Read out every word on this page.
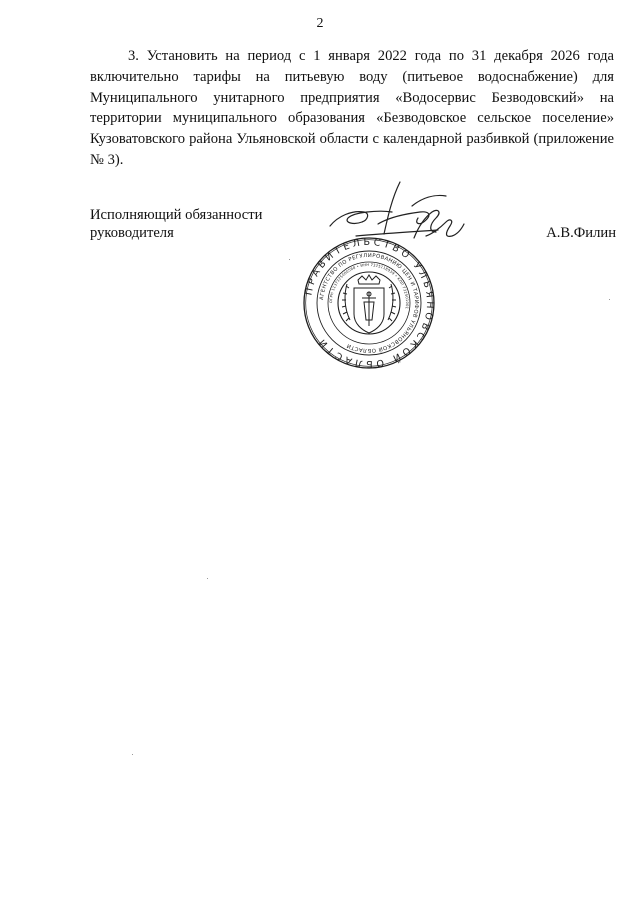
2

3. Установить на период с 1 января 2022 года по 31 декабря 2026 года включительно тарифы на питьевую воду (питьевое водоснабжение) для Муниципального унитарного предприятия «Водосервис Безводовский» на территории муниципального образования «Безводовское сельское поселение» Кузоватовского района Ульяновской области с календарной разбивкой (приложение № 3).

Исполняющий обязанности
руководителя	А.В.Филин
ПРАВИТЕЛЬСТВО УЛЬЯНОВСКОЙ ОБЛАСТИ
АГЕНТСТВО ПО РЕГУЛИРОВАНИЮ ЦЕН И ТАРИФОВ УЛЬЯНОВСКОЙ ОБЛАСТИ
ОГРН 1137325000588 • ИНН 7325118939 • КПП 732501001
